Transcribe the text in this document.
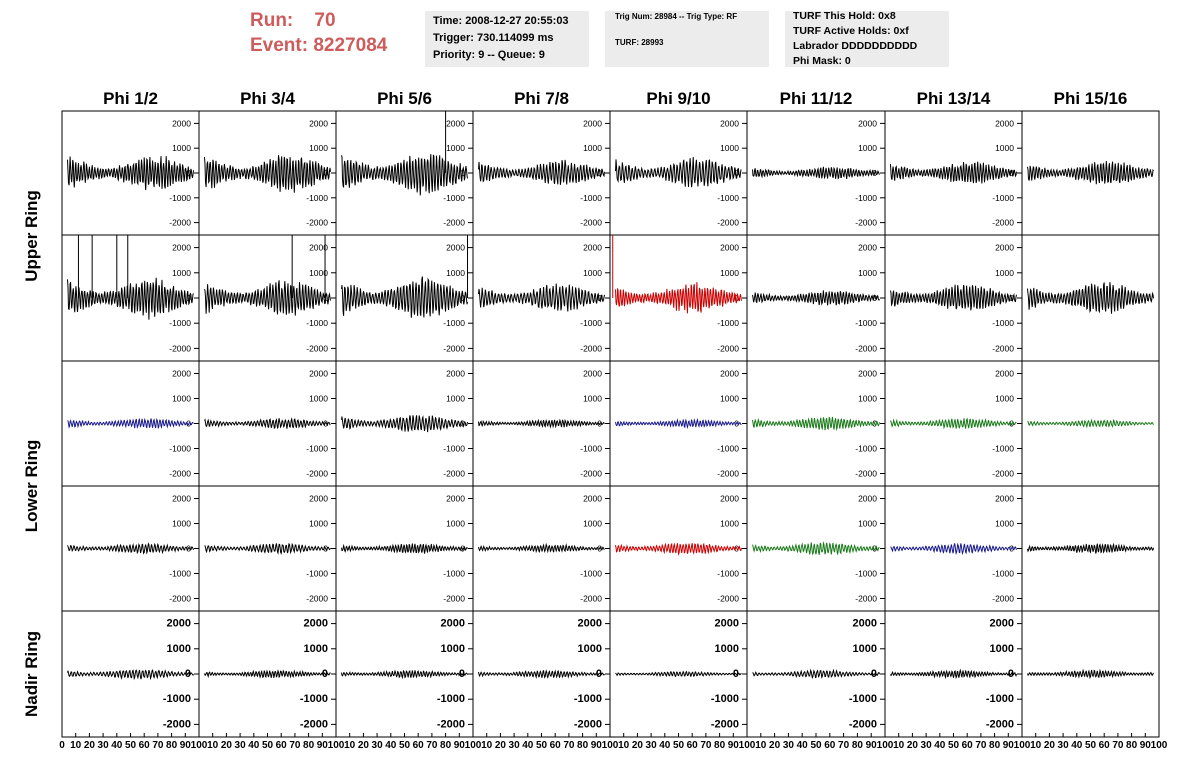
Run: 70
Event: 8227084
Time: 2008-12-27 20:55:03
Trigger: 730.114099 ms
Priority: 9 -- Queue: 9
Trig Num: 28984 -- Trig Type: RF
TURF: 28993
TURF This Hold: 0x8
TURF Active Holds: 0xf
Labrador DDDDDDDDDD
Phi Mask: 0
Phi 1/2	Phi 3/4	Phi 5/6	Phi 7/8	Phi 9/10	Phi 11/12	Phi 13/14	Phi 15/16
Upper Ring
Lower Ring
Nadir Ring
2000
1000
0
-1000
-2000
2000
1000
0
-1000
-2000
2000
1000
0
-1000
-2000
2000
1000
0
-1000
-2000
2000
1000
0
-1000
-2000
2000
1000
0
-1000
-2000
2000
1000
0
-1000
-2000
2000
1000
0
-1000
-2000
2000
1000
0
-1000
-2000
2000
1000
0
-1000
-2000
2000
1000
0
-1000
-2000
2000
1000
0
-1000
-2000
2000
1000
0
-1000
-2000
2000
1000
0
-1000
-2000
2000
1000
0
-1000
-2000
2000
1000
0
-1000
-2000
2000
1000
0
-1000
-2000
2000
1000
0
-1000
-2000
2000
1000
0
-1000
-2000
2000
1000
0
-1000
-2000
2000
1000
0
-1000
-2000
2000
1000
0
-1000
-2000
2000
1000
0
-1000
-2000
2000
1000
0
-1000
-2000
2000
1000
0
-1000
-2000
2000
1000
0
-1000
-2000
2000
1000
0
-1000
-2000
2000
1000
0
-1000
-2000
2000
1000
0
-1000
-2000
2000
1000
0
-1000
-2000
2000
1000
0
-1000
-2000
2000
1000
0
-1000
-2000
2000
1000
0
-1000
-2000
2000
1000
0
-1000
-2000
2000
1000
0
-1000
-2000
0 10 20 30 40 50 60 70 80 90 100 10 20 30 40 50 60 70 80 90 100 10 20 30 40 50 60 70 80 90 100 10 20 30 40 50 60 70 80 90 100 10 20 30 40 50 60 70 80 90 100 10 20 30 40 50 60 70 80 90 100 10 20 30 40 50 60 70 80 90 100 10 20 30 40 50 60 70 80 90 100
